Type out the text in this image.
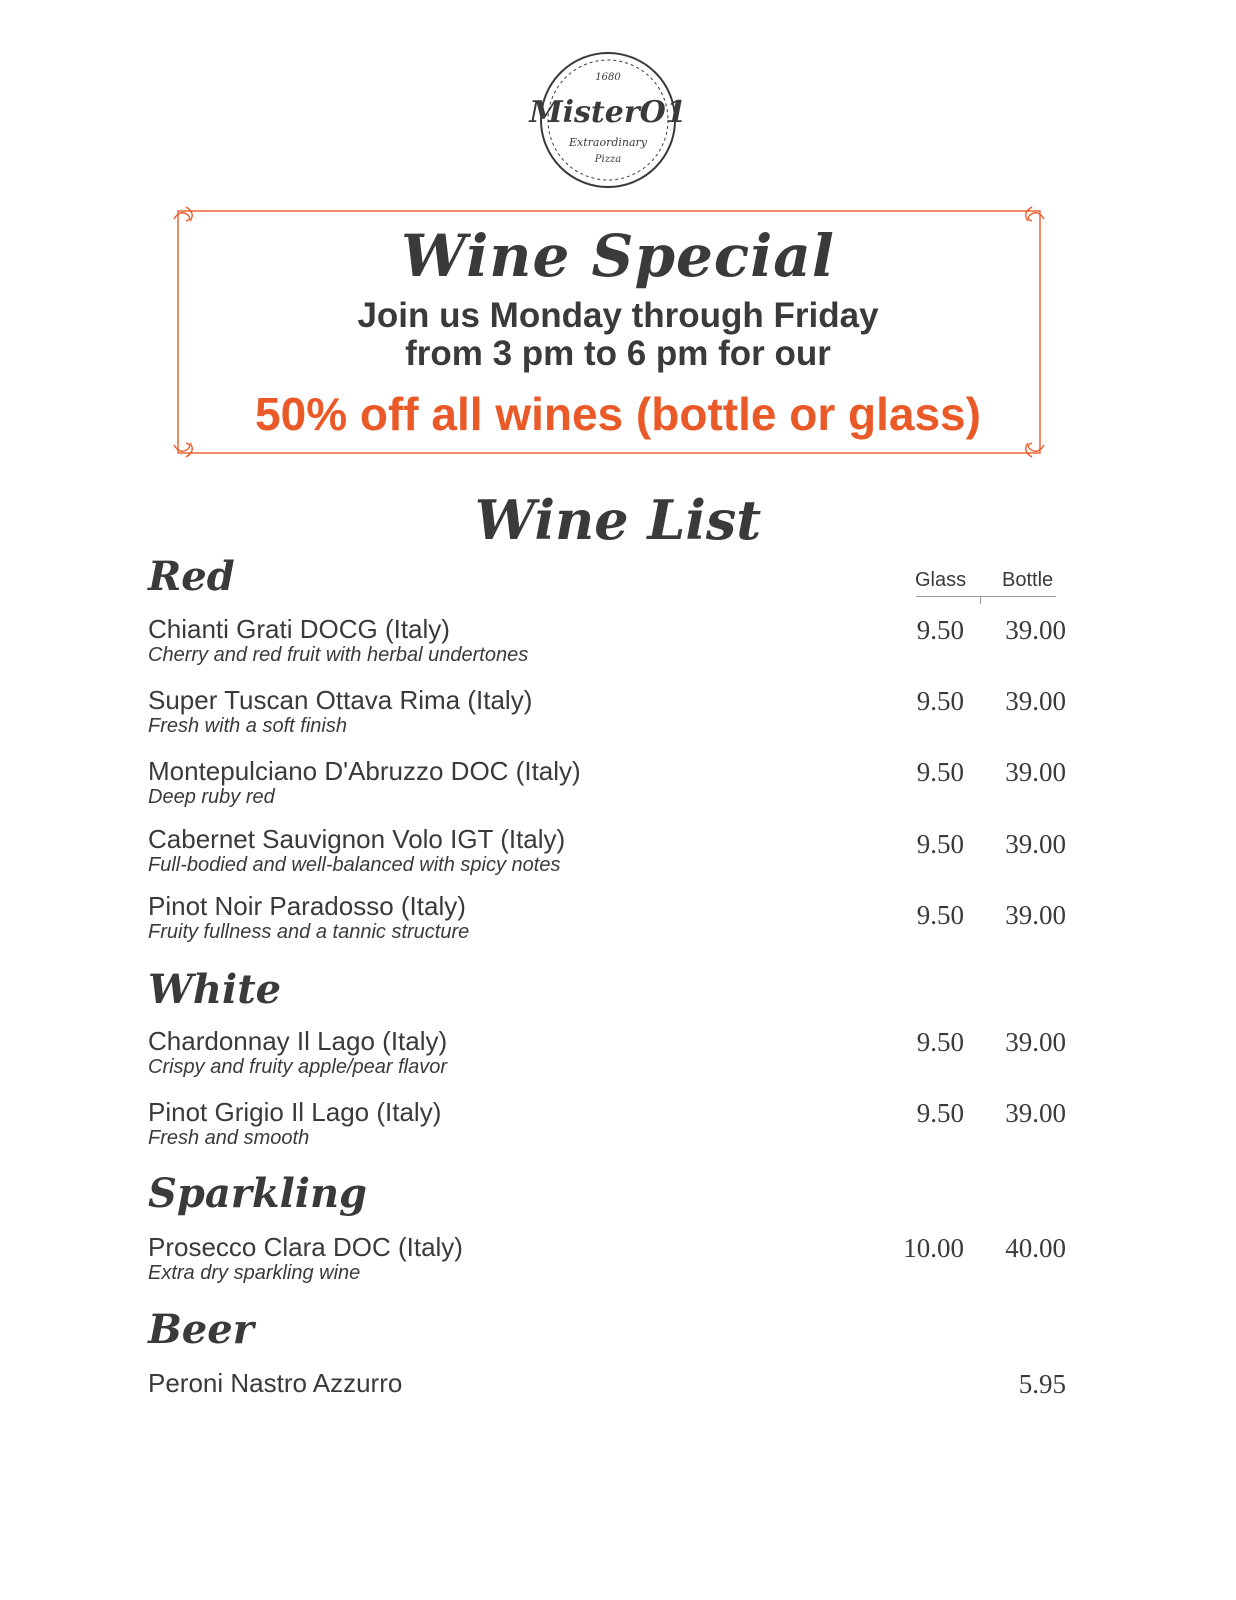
1680
MisterO1
Extraordinary
Pizza
Wine Special
Join us Monday through Friday
from 3 pm to 6 pm for our
50% off all wines (bottle or glass)
Wine List
Red	Glass Bottle
Chianti Grati DOCG (Italy)
Cherry and red fruit with herbal undertones
9.50	39.00
Super Tuscan Ottava Rima (Italy)
Fresh with a soft finish
9.50	39.00
Montepulciano D'Abruzzo DOC (Italy)
Deep ruby red
9.50	39.00
Cabernet Sauvignon Volo IGT (Italy)
Full-bodied and well-balanced with spicy notes
9.50	39.00
Pinot Noir Paradosso (Italy)
Fruity fullness and a tannic structure
9.50	39.00
White
Chardonnay Il Lago (Italy)
Crispy and fruity apple/pear flavor
9.50	39.00
Pinot Grigio Il Lago (Italy)
Fresh and smooth
9.50	39.00
Sparkling
Prosecco Clara DOC (Italy)
Extra dry sparkling wine
10.00	40.00
Beer
Peroni Nastro Azzurro	5.95
